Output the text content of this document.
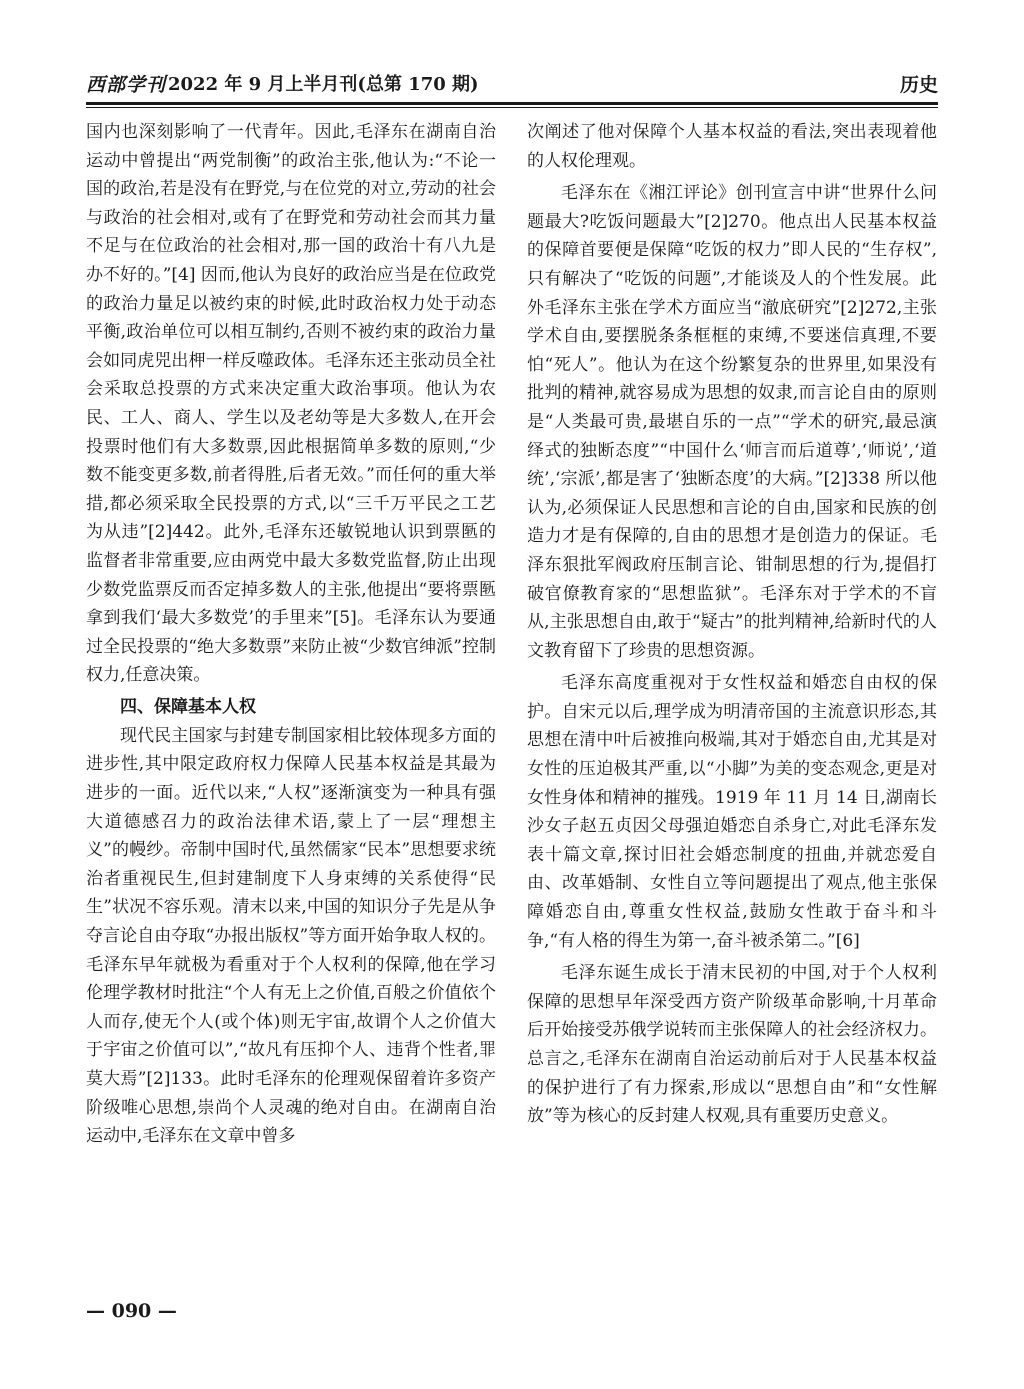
西部学刊 2022 年 9 月上半月刊(总第 170 期)	历史

国内也深刻影响了一代青年。因此,毛泽东在湖南自治运动中曾提出“两党制衡”的政治主张,他认为:“不论一国的政治,若是没有在野党,与在位党的对立,劳动的社会与政治的社会相对,或有了在野党和劳动社会而其力量不足与在位政治的社会相对,那一国的政治十有八九是办不好的。”[4] 因而,他认为良好的政治应当是在位政党的政治力量足以被约束的时候,此时政治权力处于动态平衡,政治单位可以相互制约,否则不被约束的政治力量会如同虎兕出柙一样反噬政体。毛泽东还主张动员全社会采取总投票的方式来决定重大政治事项。他认为农民、工人、商人、学生以及老幼等是大多数人,在开会投票时他们有大多数票,因此根据简单多数的原则,“少数不能变更多数,前者得胜,后者无效。”而任何的重大举措,都必须采取全民投票的方式,以“三千万平民之工艺为从违”[2]442。此外,毛泽东还敏锐地认识到票匦的监督者非常重要,应由两党中最大多数党监督,防止出现少数党监票反而否定掉多数人的主张,他提出“要将票匦拿到我们‘最大多数党’的手里来”[5]。毛泽东认为要通过全民投票的“绝大多数票”来防止被“少数官绅派”控制权力,任意决策。

四、保障基本人权

现代民主国家与封建专制国家相比较体现多方面的进步性,其中限定政府权力保障人民基本权益是其最为进步的一面。近代以来,“人权”逐渐演变为一种具有强大道德感召力的政治法律术语,蒙上了一层“理想主义”的幔纱。帝制中国时代,虽然儒家“民本”思想要求统治者重视民生,但封建制度下人身束缚的关系使得“民生”状况不容乐观。清末以来,中国的知识分子先是从争夺言论自由夺取“办报出版权”等方面开始争取人权的。毛泽东早年就极为看重对于个人权利的保障,他在学习伦理学教材时批注“个人有无上之价值,百般之价值依个人而存,使无个人(或个体)则无宇宙,故谓个人之价值大于宇宙之价值可以”,“故凡有压抑个人、违背个性者,罪莫大焉”[2]133。此时毛泽东的伦理观保留着许多资产阶级唯心思想,崇尚个人灵魂的绝对自由。在湖南自治运动中,毛泽东在文章中曾多

次阐述了他对保障个人基本权益的看法,突出表现着他的人权伦理观。

毛泽东在《湘江评论》创刊宣言中讲“世界什么问题最大?吃饭问题最大”[2]270。他点出人民基本权益的保障首要便是保障“吃饭的权力”即人民的“生存权”,只有解决了“吃饭的问题”,才能谈及人的个性发展。此外毛泽东主张在学术方面应当“澈底研究”[2]272,主张学术自由,要摆脱条条框框的束缚,不要迷信真理,不要怕“死人”。他认为在这个纷繁复杂的世界里,如果没有批判的精神,就容易成为思想的奴隶,而言论自由的原则是“人类最可贵,最堪自乐的一点”“学术的研究,最忌演绎式的独断态度”“中国什么‘师言而后道尊’,‘师说’,‘道统’,‘宗派’,都是害了‘独断态度’的大病。”[2]338 所以他认为,必须保证人民思想和言论的自由,国家和民族的创造力才是有保障的,自由的思想才是创造力的保证。毛泽东狠批军阀政府压制言论、钳制思想的行为,提倡打破官僚教育家的“思想监狱”。毛泽东对于学术的不盲从,主张思想自由,敢于“疑古”的批判精神,给新时代的人文教育留下了珍贵的思想资源。

毛泽东高度重视对于女性权益和婚恋自由权的保护。自宋元以后,理学成为明清帝国的主流意识形态,其思想在清中叶后被推向极端,其对于婚恋自由,尤其是对女性的压迫极其严重,以“小脚”为美的变态观念,更是对女性身体和精神的摧残。1919 年 11 月 14 日,湖南长沙女子赵五贞因父母强迫婚恋自杀身亡,对此毛泽东发表十篇文章,探讨旧社会婚恋制度的扭曲,并就恋爱自由、改革婚制、女性自立等问题提出了观点,他主张保障婚恋自由,尊重女性权益,鼓励女性敢于奋斗和斗争,“有人格的得生为第一,奋斗被杀第二。”[6]

毛泽东诞生成长于清末民初的中国,对于个人权利保障的思想早年深受西方资产阶级革命影响,十月革命后开始接受苏俄学说转而主张保障人的社会经济权力。总言之,毛泽东在湖南自治运动前后对于人民基本权益的保护进行了有力探索,形成以“思想自由”和“女性解放”等为核心的反封建人权观,具有重要历史意义。

— 090 —
